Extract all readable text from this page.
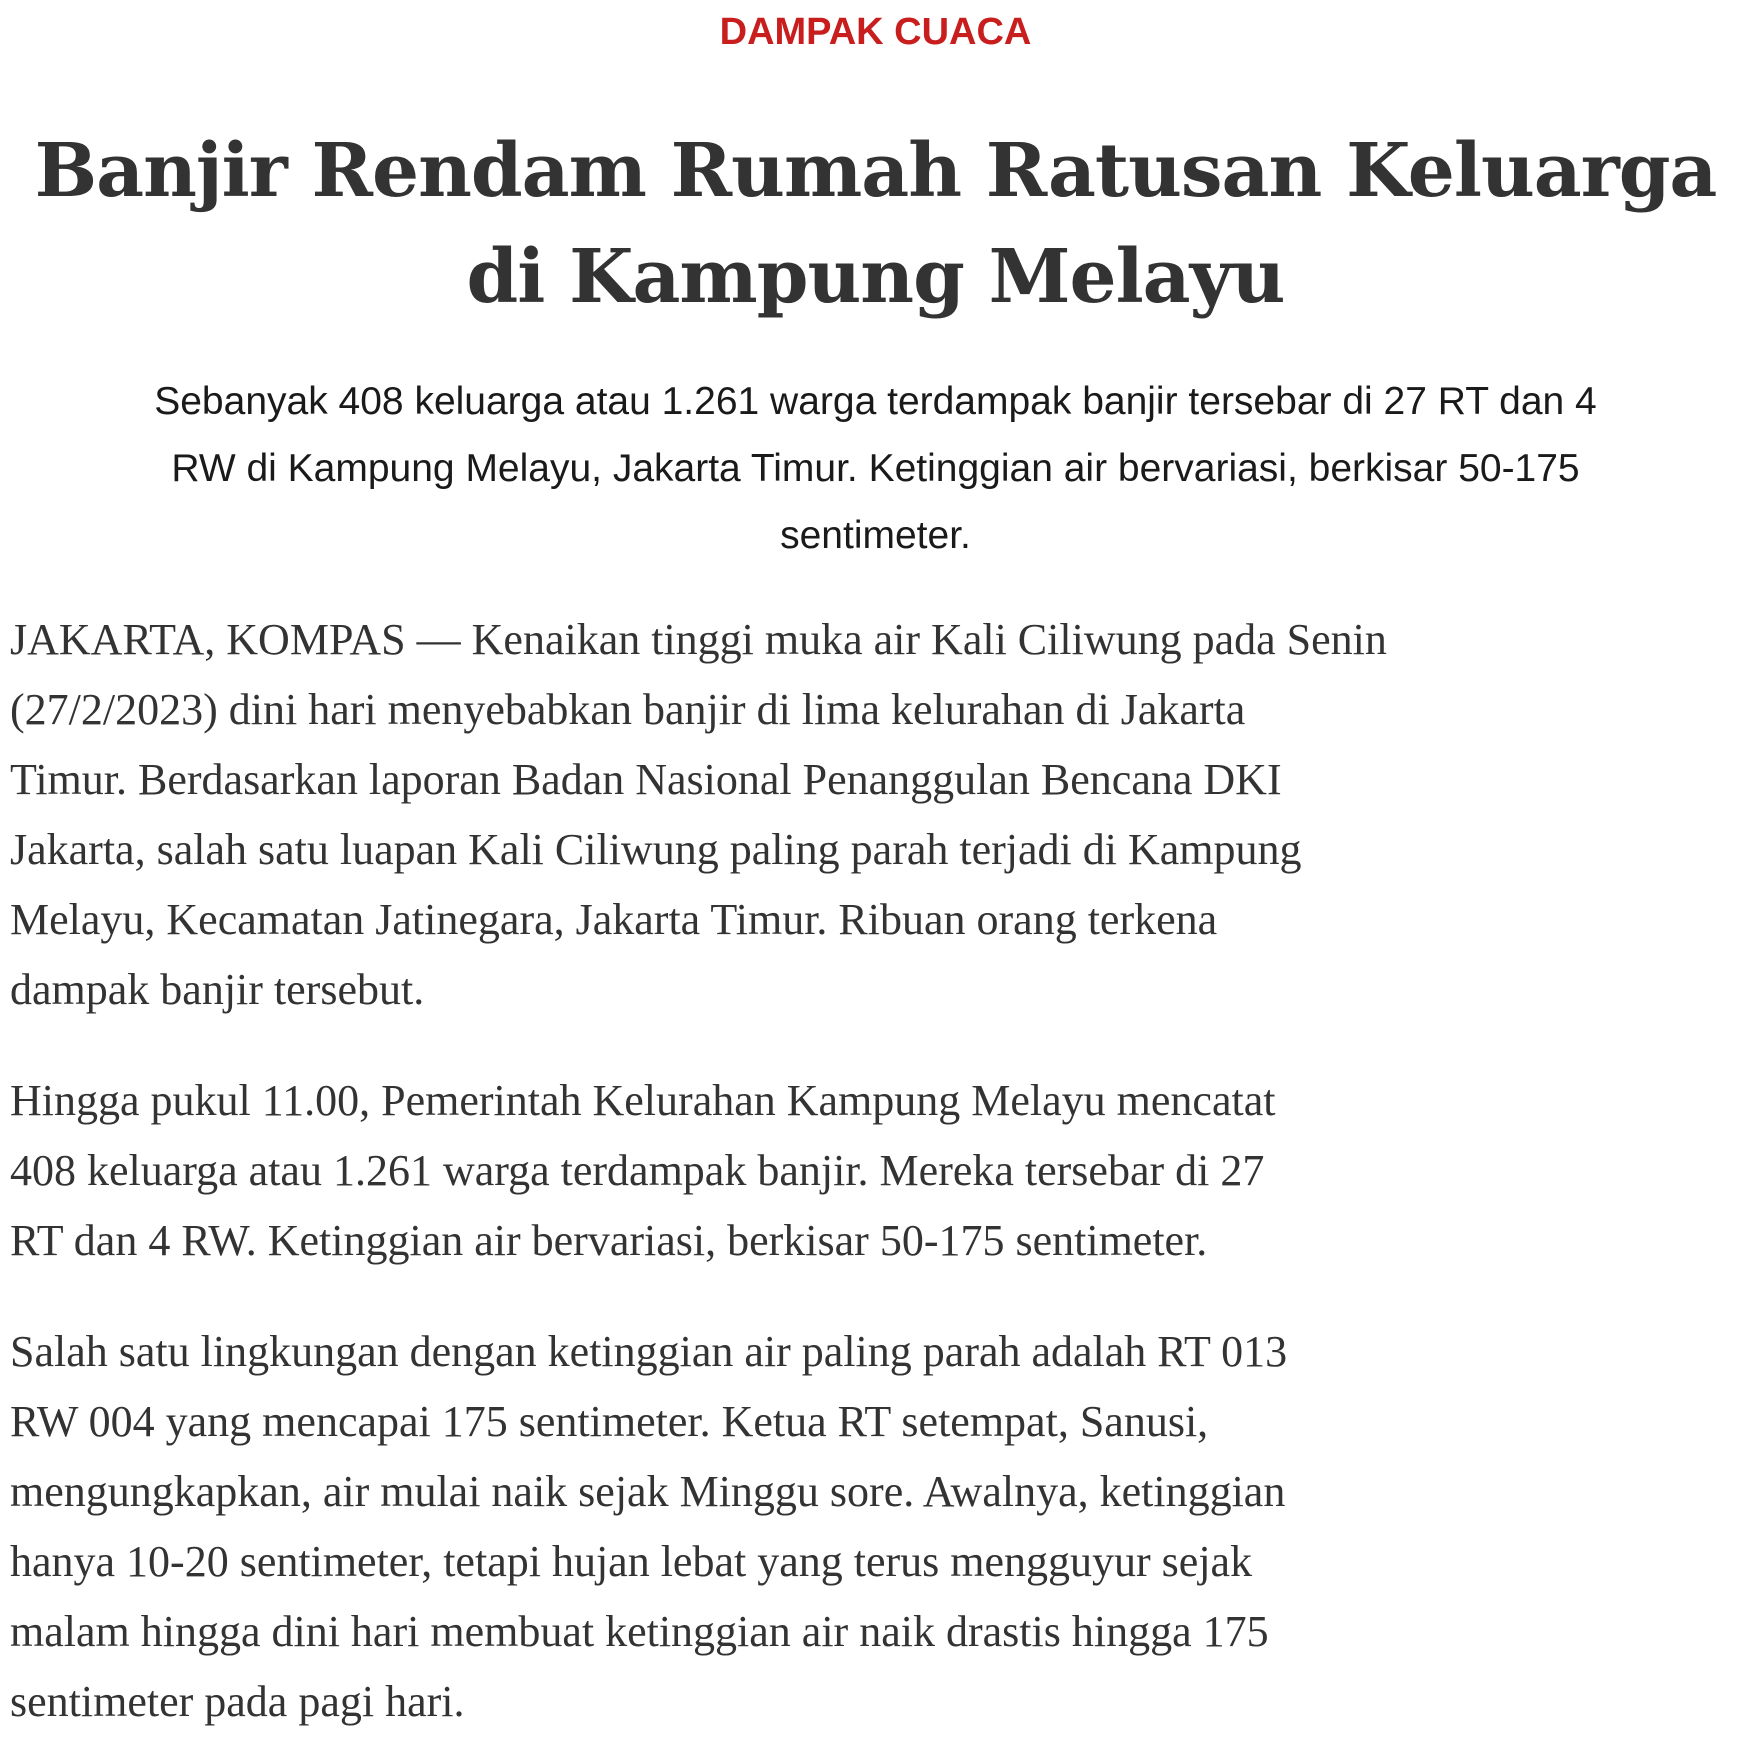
DAMPAK CUACA
Banjir Rendam Rumah Ratusan Keluarga
di Kampung Melayu

Sebanyak 408 keluarga atau 1.261 warga terdampak banjir tersebar di 27 RT dan 4
RW di Kampung Melayu, Jakarta Timur. Ketinggian air bervariasi, berkisar 50-175
sentimeter.

JAKARTA, KOMPAS — Kenaikan tinggi muka air Kali Ciliwung pada Senin
(27/2/2023) dini hari menyebabkan banjir di lima kelurahan di Jakarta
Timur. Berdasarkan laporan Badan Nasional Penanggulan Bencana DKI
Jakarta, salah satu luapan Kali Ciliwung paling parah terjadi di Kampung
Melayu, Kecamatan Jatinegara, Jakarta Timur. Ribuan orang terkena
dampak banjir tersebut.

Hingga pukul 11.00, Pemerintah Kelurahan Kampung Melayu mencatat
408 keluarga atau 1.261 warga terdampak banjir. Mereka tersebar di 27
RT dan 4 RW. Ketinggian air bervariasi, berkisar 50-175 sentimeter.

Salah satu lingkungan dengan ketinggian air paling parah adalah RT 013
RW 004 yang mencapai 175 sentimeter. Ketua RT setempat, Sanusi,
mengungkapkan, air mulai naik sejak Minggu sore. Awalnya, ketinggian
hanya 10-20 sentimeter, tetapi hujan lebat yang terus mengguyur sejak
malam hingga dini hari membuat ketinggian air naik drastis hingga 175
sentimeter pada pagi hari.
